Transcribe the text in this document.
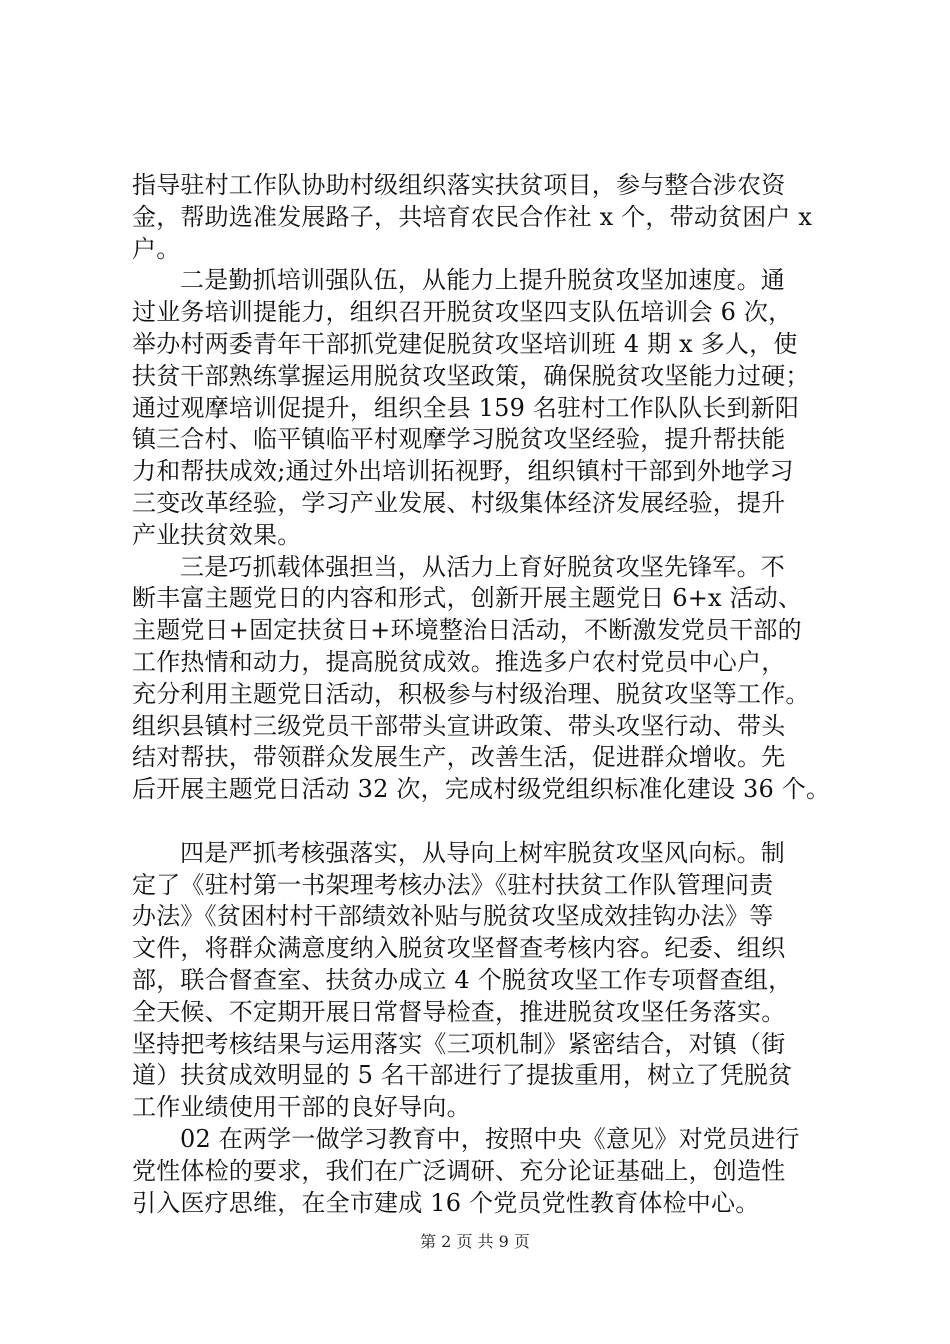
指导驻村工作队协助村级组织落实扶贫项目，参与整合涉农资
金，帮助选准发展路子，共培育农民合作社 x 个，带动贫困户 x
户。
二是勤抓培训强队伍，从能力上提升脱贫攻坚加速度。通
过业务培训提能力，组织召开脱贫攻坚四支队伍培训会 6 次，
举办村两委青年干部抓党建促脱贫攻坚培训班 4 期 x 多人，使
扶贫干部熟练掌握运用脱贫攻坚政策，确保脱贫攻坚能力过硬；
通过观摩培训促提升，组织全县 159 名驻村工作队队长到新阳
镇三合村、临平镇临平村观摩学习脱贫攻坚经验，提升帮扶能
力和帮扶成效;通过外出培训拓视野，组织镇村干部到外地学习
三变改革经验，学习产业发展、村级集体经济发展经验，提升
产业扶贫效果。
三是巧抓载体强担当，从活力上育好脱贫攻坚先锋军。不
断丰富主题党日的内容和形式，创新开展主题党日 6+x 活动、
主题党日+固定扶贫日+环境整治日活动，不断激发党员干部的
工作热情和动力，提高脱贫成效。推选多户农村党员中心户，
充分利用主题党日活动，积极参与村级治理、脱贫攻坚等工作。
组织县镇村三级党员干部带头宣讲政策、带头攻坚行动、带头
结对帮扶，带领群众发展生产，改善生活，促进群众增收。先
后开展主题党日活动 32 次，完成村级党组织标准化建设 36 个。
四是严抓考核强落实，从导向上树牢脱贫攻坚风向标。制
定了《驻村第一书架理考核办法》《驻村扶贫工作队管理问责
办法》《贫困村村干部绩效补贴与脱贫攻坚成效挂钩办法》等
文件，将群众满意度纳入脱贫攻坚督查考核内容。纪委、组织
部，联合督查室、扶贫办成立 4 个脱贫攻坚工作专项督查组，
全天候、不定期开展日常督导检查，推进脱贫攻坚任务落实。
坚持把考核结果与运用落实《三项机制》紧密结合，对镇（街
道）扶贫成效明显的 5 名干部进行了提拔重用，树立了凭脱贫
工作业绩使用干部的良好导向。
02 在两学一做学习教育中，按照中央《意见》对党员进行
党性体检的要求，我们在广泛调研、充分论证基础上，创造性
引入医疗思维，在全市建成 16 个党员党性教育体检中心。
第 2 页 共 9 页
